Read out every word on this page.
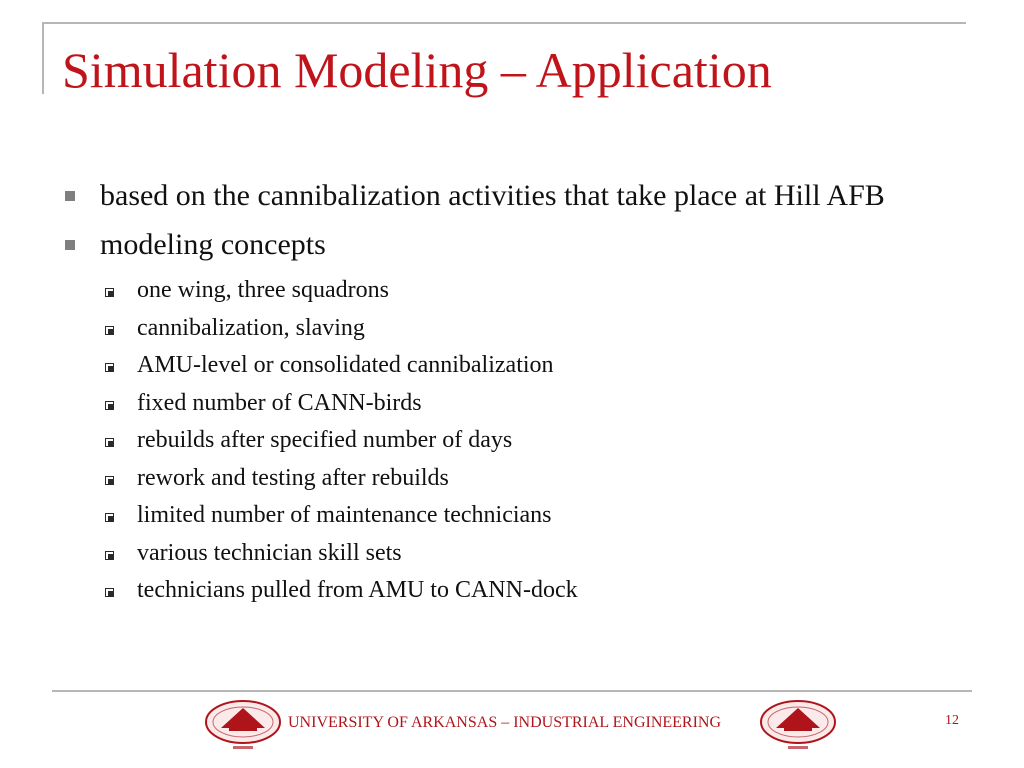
Simulation Modeling – Application
based on the cannibalization activities that take place at Hill AFB
modeling concepts
one wing, three squadrons
cannibalization, slaving
AMU-level or consolidated cannibalization
fixed number of CANN-birds
rebuilds after specified number of days
rework and testing after rebuilds
limited number of maintenance technicians
various technician skill sets
technicians pulled from AMU to CANN-dock
UNIVERSITY OF ARKANSAS – INDUSTRIAL ENGINEERING	12
